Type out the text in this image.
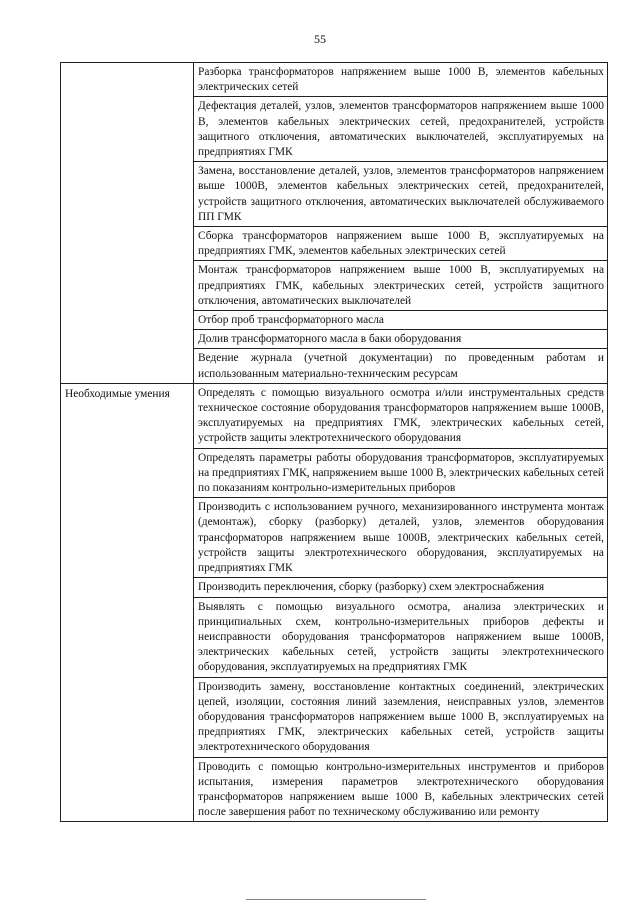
55

	Разборка трансформаторов напряжением выше 1000 В, элементов кабельных электрических сетей

	Дефектация деталей, узлов, элементов трансформаторов напряжением выше 1000 В, элементов кабельных электрических сетей, предохранителей, устройств защитного отключения, автоматических выключателей, эксплуатируемых на предприятиях ГМК

	Замена, восстановление деталей, узлов, элементов трансформаторов напряжением выше 1000В, элементов кабельных электрических сетей, предохранителей, устройств защитного отключения, автоматических выключателей обслуживаемого ПП ГМК

	Сборка трансформаторов напряжением выше 1000 В, эксплуатируемых на предприятиях ГМК, элементов кабельных электрических сетей

	Монтаж трансформаторов напряжением выше 1000 В, эксплуатируемых на предприятиях ГМК, кабельных электрических сетей, устройств защитного отключения, автоматических выключателей

	Отбор проб трансформаторного масла

	Долив трансформаторного масла в баки оборудования

	Ведение журнала (учетной документации) по проведенным работам и использованным материально-техническим ресурсам

Необходимые умения	Определять с помощью визуального осмотра и/или инструментальных средств техническое состояние оборудования трансформаторов напряжением выше 1000В, эксплуатируемых на предприятиях ГМК, электрических кабельных сетей, устройств защиты электротехнического оборудования

	Определять параметры работы оборудования трансформаторов, эксплуатируемых на предприятиях ГМК, напряжением выше 1000 В, электрических кабельных сетей по показаниям контрольно-измерительных приборов

	Производить с использованием ручного, механизированного инструмента монтаж (демонтаж), сборку (разборку) деталей, узлов, элементов оборудования трансформаторов напряжением выше 1000В, электрических кабельных сетей, устройств защиты электротехнического оборудования, эксплуатируемых на предприятиях ГМК

	Производить переключения, сборку (разборку) схем электроснабжения

	Выявлять с помощью визуального осмотра, анализа электрических и принципиальных схем, контрольно-измерительных приборов дефекты и неисправности оборудования трансформаторов напряжением выше 1000В, электрических кабельных сетей, устройств защиты электротехнического оборудования, эксплуатируемых на предприятиях ГМК

	Производить замену, восстановление контактных соединений, электрических цепей, изоляции, состояния линий заземления, неисправных узлов, элементов оборудования трансформаторов напряжением выше 1000 В, эксплуатируемых на предприятиях ГМК, электрических кабельных сетей, устройств защиты электротехнического оборудования

	Проводить с помощью контрольно-измерительных инструментов и приборов испытания, измерения параметров электротехнического оборудования трансформаторов напряжением выше 1000 В, кабельных электрических сетей после завершения работ по техническому обслуживанию или ремонту
